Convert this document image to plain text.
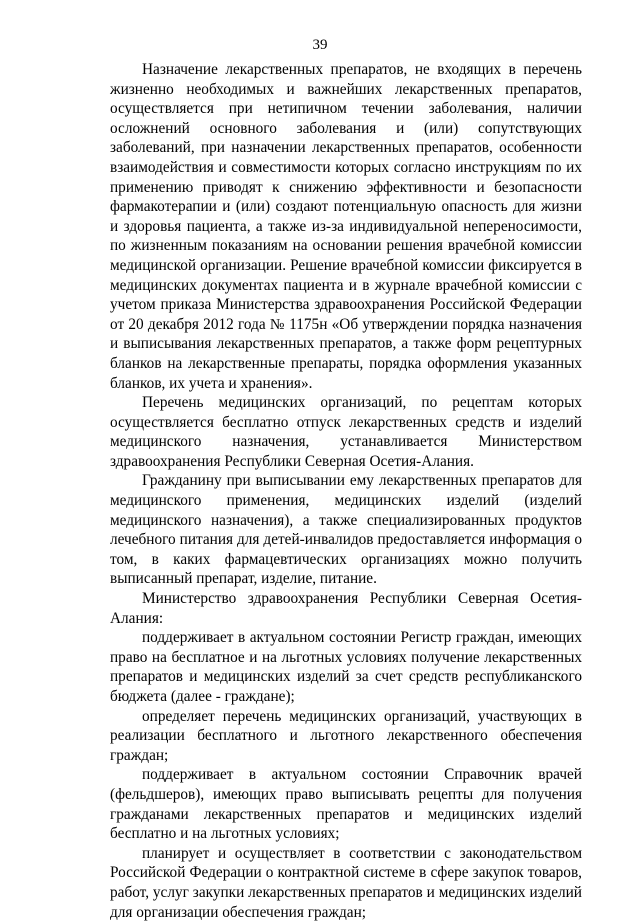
39

Назначение лекарственных препаратов, не входящих в перечень жизненно необходимых и важнейших лекарственных препаратов, осуществляется при нетипичном течении заболевания, наличии осложнений основного заболевания и (или) сопутствующих заболеваний, при назначении лекарственных препаратов, особенности взаимодействия и совместимости которых согласно инструкциям по их применению приводят к снижению эффективности и безопасности фармакотерапии и (или) создают потенциальную опасность для жизни и здоровья пациента, а также из-за индивидуальной непереносимости, по жизненным показаниям на основании решения врачебной комиссии медицинской организации. Решение врачебной комиссии фиксируется в медицинских документах пациента и в журнале врачебной комиссии с учетом приказа Министерства здравоохранения Российской Федерации от 20 декабря 2012 года № 1175н «Об утверждении порядка назначения и выписывания лекарственных препаратов, а также форм рецептурных бланков на лекарственные препараты, порядка оформления указанных бланков, их учета и хранения».

Перечень медицинских организаций, по рецептам которых осуществляется бесплатно отпуск лекарственных средств и изделий медицинского назначения, устанавливается Министерством здравоохранения Республики Северная Осетия-Алания.

Гражданину при выписывании ему лекарственных препаратов для медицинского применения, медицинских изделий (изделий медицинского назначения), а также специализированных продуктов лечебного питания для детей-инвалидов предоставляется информация о том, в каких фармацевтических организациях можно получить выписанный препарат, изделие, питание.

Министерство здравоохранения Республики Северная Осетия-Алания:

поддерживает в актуальном состоянии Регистр граждан, имеющих право на бесплатное и на льготных условиях получение лекарственных препаратов и медицинских изделий за счет средств республиканского бюджета (далее - граждане);

определяет перечень медицинских организаций, участвующих в реализации бесплатного и льготного лекарственного обеспечения граждан;

поддерживает в актуальном состоянии Справочник врачей (фельдшеров), имеющих право выписывать рецепты для получения гражданами лекарственных препаратов и медицинских изделий бесплатно и на льготных условиях;

планирует и осуществляет в соответствии с законодательством Российской Федерации о контрактной системе в сфере закупок товаров, работ, услуг закупки лекарственных препаратов и медицинских изделий для организации обеспечения граждан;
